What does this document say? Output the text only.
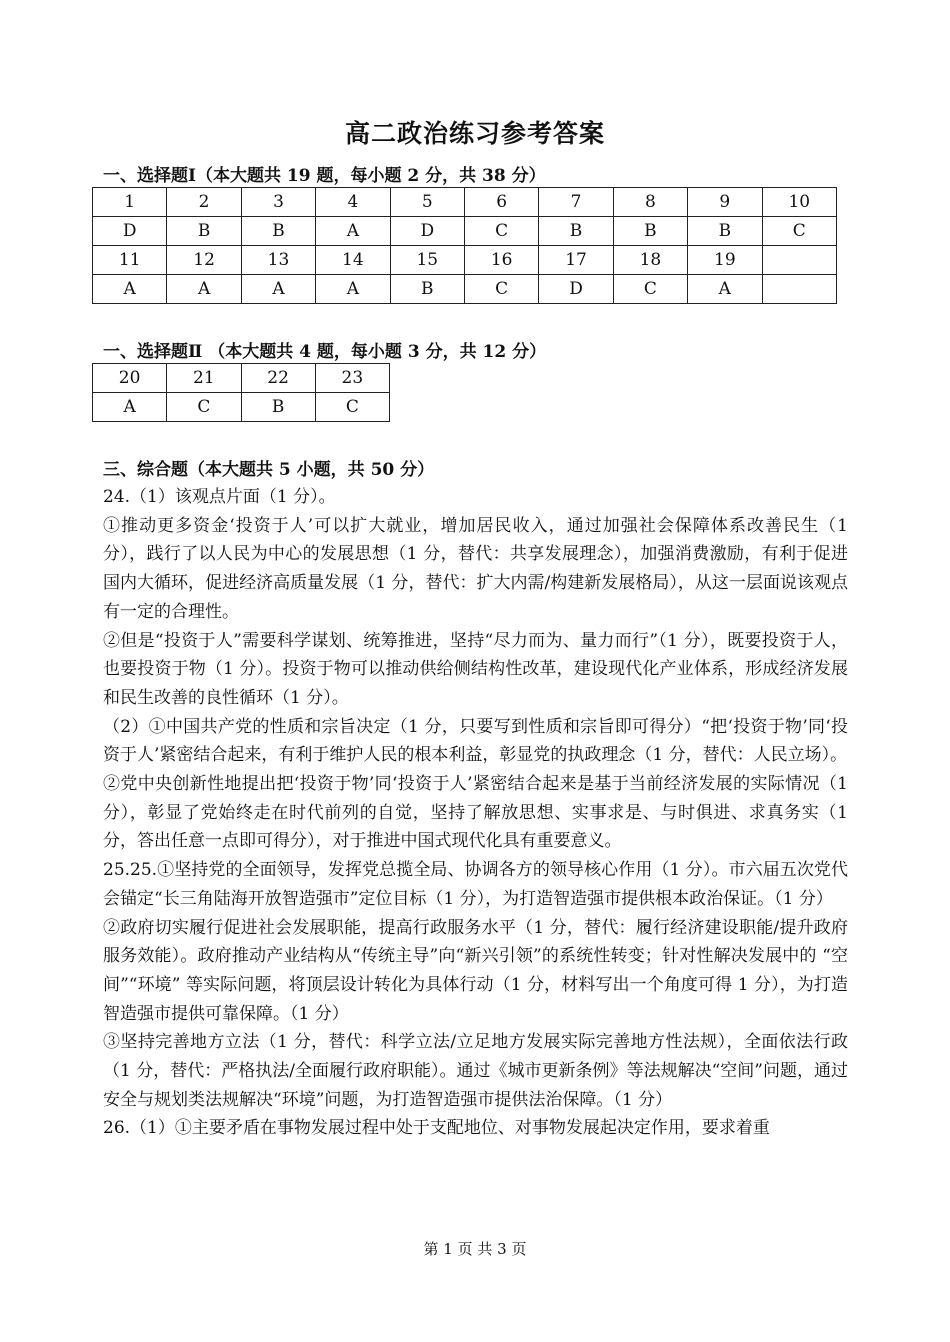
高二政治练习参考答案
一、选择题Ⅰ（本大题共 19 题，每小题 2 分，共 38 分）
1	2	3	4	5	6	7	8	9	10
D	B	B	A	D	C	B	B	B	C
11	12	13	14	15	16	17	18	19	
A	A	A	A	B	C	D	C	A	
一、选择题Ⅱ （本大题共 4 题，每小题 3 分，共 12 分）
20	21	22	23
A	C	B	C
三、综合题（本大题共 5 小题，共 50 分）

24.（1）该观点片面（1 分）。

①推动更多资金‘投资于人’可以扩大就业，增加居民收入，通过加强社会保障体系改善民生（1 分），践行了以人民为中心的发展思想（1 分，替代：共享发展理念），加强消费激励，有利于促进国内大循环，促进经济高质量发展（1 分，替代：扩大内需/构建新发展格局），从这一层面说该观点有一定的合理性。

②但是“投资于人”需要科学谋划、统筹推进，坚持“尽力而为、量力而行”（1 分），既要投资于人，也要投资于物（1 分）。投资于物可以推动供给侧结构性改革，建设现代化产业体系，形成经济发展和民生改善的良性循环（1 分）。

（2）①中国共产党的性质和宗旨决定（1 分，只要写到性质和宗旨即可得分）“把‘投资于物’同‘投资于人’紧密结合起来，有利于维护人民的根本利益，彰显党的执政理念（1 分，替代：人民立场）。

②党中央创新性地提出把‘投资于物’同‘投资于人’紧密结合起来是基于当前经济发展的实际情况（1 分），彰显了党始终走在时代前列的自觉，坚持了解放思想、实事求是、与时俱进、求真务实（1 分，答出任意一点即可得分），对于推进中国式现代化具有重要意义。

25.25.①坚持党的全面领导，发挥党总揽全局、协调各方的领导核心作用（1 分）。市六届五次党代会锚定“长三角陆海开放智造强市”定位目标（1 分），为打造智造强市提供根本政治保证。（1 分）

②政府切实履行促进社会发展职能，提高行政服务水平（1 分，替代：履行经济建设职能/提升政府服务效能）。政府推动产业结构从“传统主导”向“新兴引领”的系统性转变；针对性解决发展中的 “空间”“环境” 等实际问题，将顶层设计转化为具体行动（1 分，材料写出一个角度可得 1 分），为打造智造强市提供可靠保障。（1 分）

③坚持完善地方立法（1 分，替代：科学立法/立足地方发展实际完善地方性法规），全面依法行政（1 分，替代：严格执法/全面履行政府职能）。通过《城市更新条例》等法规解决“空间”问题，通过安全与规划类法规解决“环境”问题，为打造智造强市提供法治保障。（1 分）

26.（1）①主要矛盾在事物发展过程中处于支配地位、对事物发展起决定作用，要求着重

第 1 页 共 3 页
